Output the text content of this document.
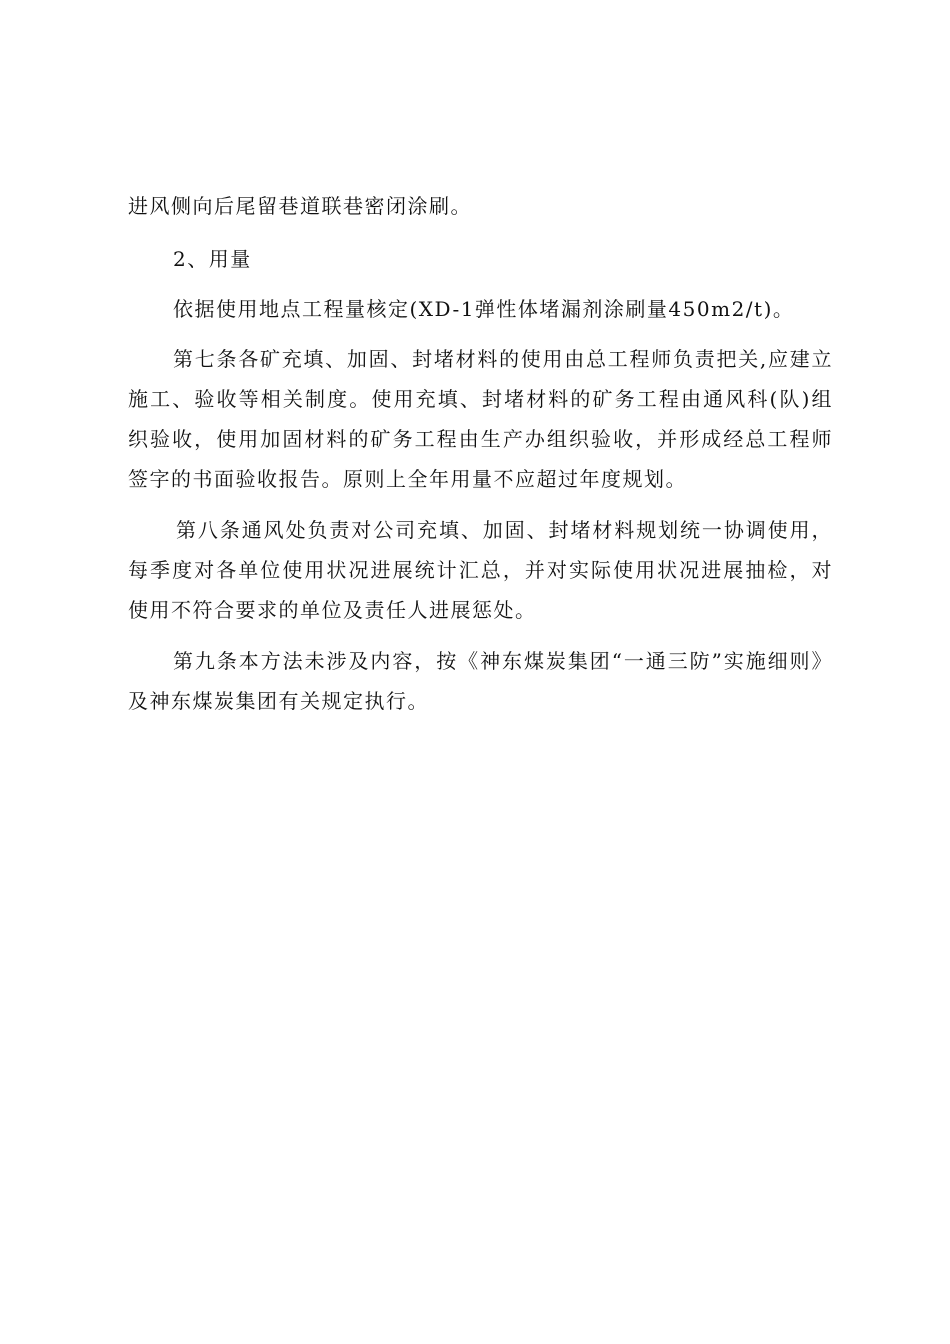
进风侧向后尾留巷道联巷密闭涂刷。

2、用量

依据使用地点工程量核定(XD-1弹性体堵漏剂涂刷量450m2/t)。

第七条各矿充填、加固、封堵材料的使用由总工程师负责把关,应建立施工、验收等相关制度。使用充填、封堵材料的矿务工程由通风科(队)组织验收，使用加固材料的矿务工程由生产办组织验收，并形成经总工程师签字的书面验收报告。原则上全年用量不应超过年度规划。

第八条通风处负责对公司充填、加固、封堵材料规划统一协调使用，每季度对各单位使用状况进展统计汇总，并对实际使用状况进展抽检，对使用不符合要求的单位及责任人进展惩处。

第九条本方法未涉及内容，按《神东煤炭集团“一通三防”实施细则》及神东煤炭集团有关规定执行。
